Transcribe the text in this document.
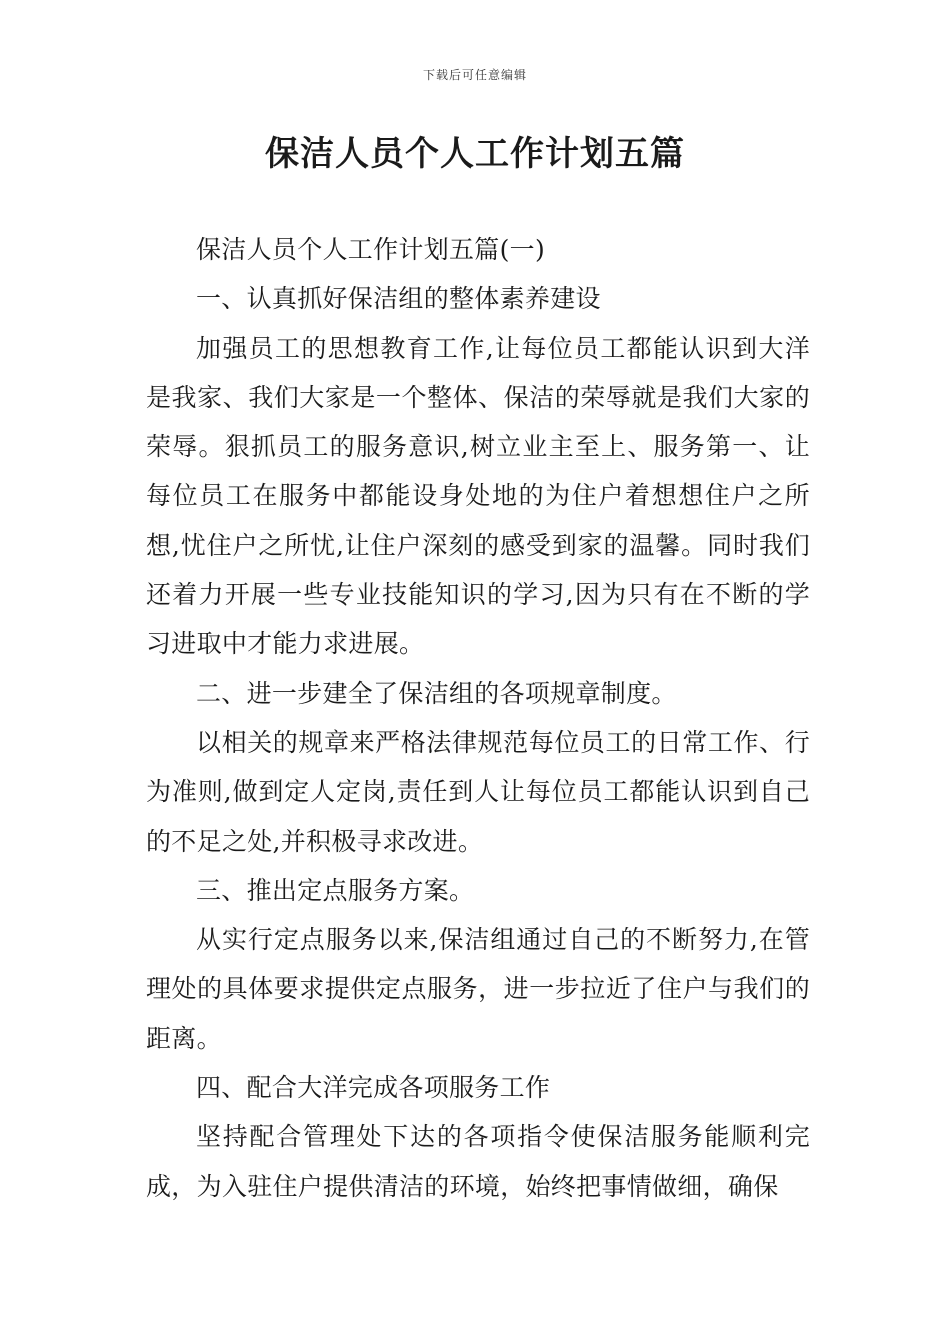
下载后可任意编辑
保洁人员个人工作计划五篇

保洁人员个人工作计划五篇(一)

一、认真抓好保洁组的整体素养建设

加强员工的思想教育工作,让每位员工都能认识到大洋是我家、我们大家是一个整体、保洁的荣辱就是我们大家的荣辱。狠抓员工的服务意识,树立业主至上、服务第一、让每位员工在服务中都能设身处地的为住户着想想住户之所想,忧住户之所忧,让住户深刻的感受到家的温馨。同时我们还着力开展一些专业技能知识的学习,因为只有在不断的学习进取中才能力求进展。

二、进一步建全了保洁组的各项规章制度。

以相关的规章来严格法律规范每位员工的日常工作、行为准则,做到定人定岗,责任到人让每位员工都能认识到自己的不足之处,并积极寻求改进。

三、推出定点服务方案。

从实行定点服务以来,保洁组通过自己的不断努力,在管理处的具体要求提供定点服务，进一步拉近了住户与我们的距离。

四、配合大洋完成各项服务工作

坚持配合管理处下达的各项指令使保洁服务能顺利完成，为入驻住户提供清洁的环境，始终把事情做细，确保
